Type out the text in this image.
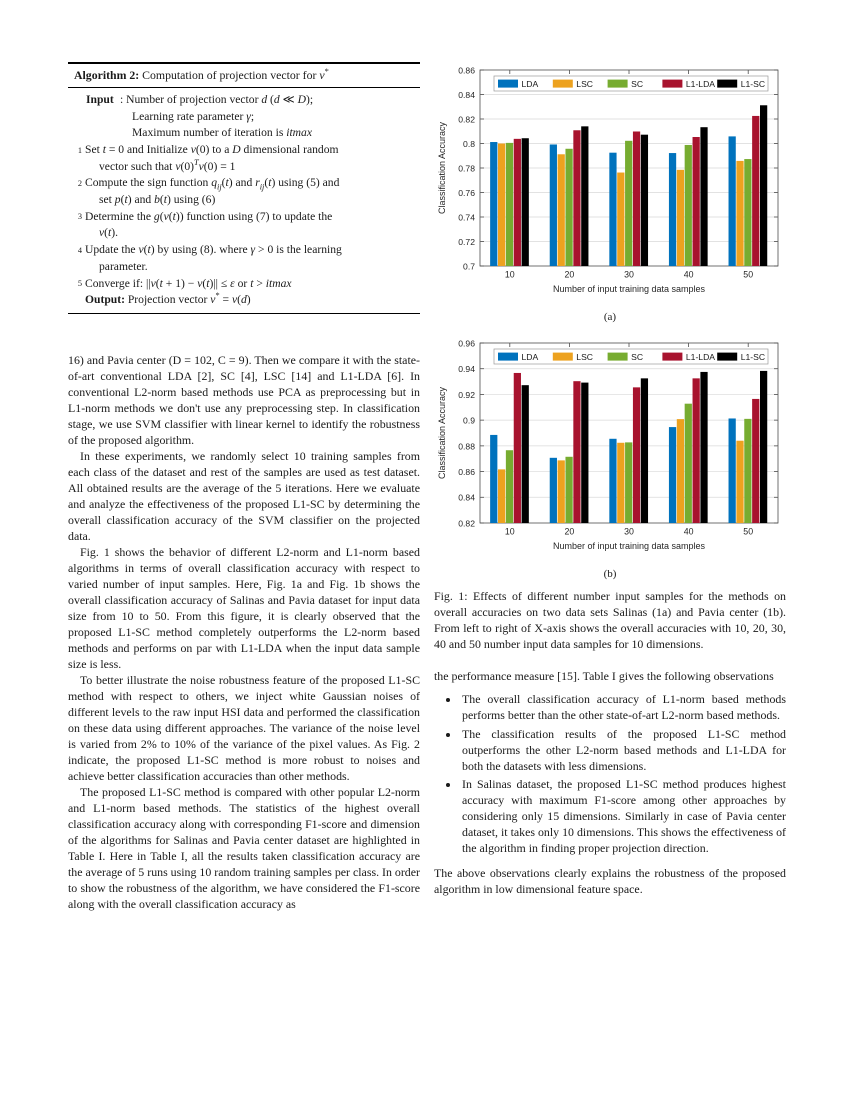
Algorithm 2: Computation of projection vector for v*
Input : Number of projection vector d (d ≪ D);
Learning rate parameter γ;
Maximum number of iteration is itmax
1 Set t = 0 and Initialize v(0) to a D dimensional random
vector such that $v(0)^Tv(0) = 1$
2 Compute the sign function $q_{ij}(t)$ and $r_{ij}(t)$ using (5) and
set p(t) and b(t) using (6)
3 Determine the g(v(t)) function using (7) to update the
v(t).
4 Update the v(t) by using (8). where γ > 0 is the learning
parameter.
5 Converge if: ||v(t + 1) − v(t)|| ≤ ε or t > itmax
Output: Projection vector v* = v(d)

16) and Pavia center (D = 102, C = 9). Then we compare it with the state-of-art conventional LDA [2], SC [4], LSC [14] and L1-LDA [6]. In conventional L2-norm based methods use PCA as preprocessing but in L1-norm methods we don't use any preprocessing step. In classification stage, we use SVM classifier with linear kernel to identify the robustness of the proposed algorithm.

In these experiments, we randomly select 10 training samples from each class of the dataset and rest of the samples are used as test dataset. All obtained results are the average of the 5 iterations. Here we evaluate and analyze the effectiveness of the proposed L1-SC by determining the overall classification accuracy of the SVM classifier on the projected data.

Fig. 1 shows the behavior of different L2-norm and L1-norm based algorithms in terms of overall classification accuracy with respect to varied number of input samples. Here, Fig. 1a and Fig. 1b shows the overall classification accuracy of Salinas and Pavia dataset for input data size from 10 to 50. From this figure, it is clearly observed that the proposed L1-SC method completely outperforms the L2-norm based methods and performs on par with L1-LDA when the input data sample size is less.

To better illustrate the noise robustness feature of the proposed L1-SC method with respect to others, we inject white Gaussian noises of different levels to the raw input HSI data and performed the classification on these data using different approaches. The variance of the noise level is varied from 2% to 10% of the variance of the pixel values. As Fig. 2 indicate, the proposed L1-SC method is more robust to noises and achieve better classification accuracies than other methods.

The proposed L1-SC method is compared with other popular L2-norm and L1-norm based methods. The statistics of the highest overall classification accuracy along with corresponding F1-score and dimension of the algorithms for Salinas and Pavia center dataset are highlighted in Table I. Here in Table I, all the results taken classification accuracy are the average of 5 runs using 10 random training samples per class. In order to show the robustness of the algorithm, we have considered the F1-score along with the overall classification accuracy as

0.7
0.72
0.74
0.76
0.78
0.8
0.82
0.84
0.86
10	20	30	40	50
Classification Accuracy
Number of input training data samples
LDA	LSC	SC	L1-LDA	L1-SC
(a)
0.82
0.84
0.86
0.88
0.9
0.92
0.94
0.96
10	20	30	40	50
Classification Accuracy
Number of input training data samples
LDA	LSC	SC	L1-LDA	L1-SC
(b)
Fig. 1: Effects of different number input samples for the methods on overall accuracies on two data sets Salinas (1a) and Pavia center (1b). From left to right of X-axis shows the overall accuracies with 10, 20, 30, 40 and 50 number input data samples for 10 dimensions.

the performance measure [15]. Table I gives the following observations

• The overall classification accuracy of L1-norm based methods performs better than the other state-of-art L2-norm based methods.
• The classification results of the proposed L1-SC method outperforms the other L2-norm based methods and L1-LDA for both the datasets with less dimensions.
• In Salinas dataset, the proposed L1-SC method produces highest accuracy with maximum F1-score among other approaches by considering only 15 dimensions. Similarly in case of Pavia center dataset, it takes only 10 dimensions. This shows the effectiveness of the algorithm in finding proper projection direction.

The above observations clearly explains the robustness of the proposed algorithm in low dimensional feature space.
